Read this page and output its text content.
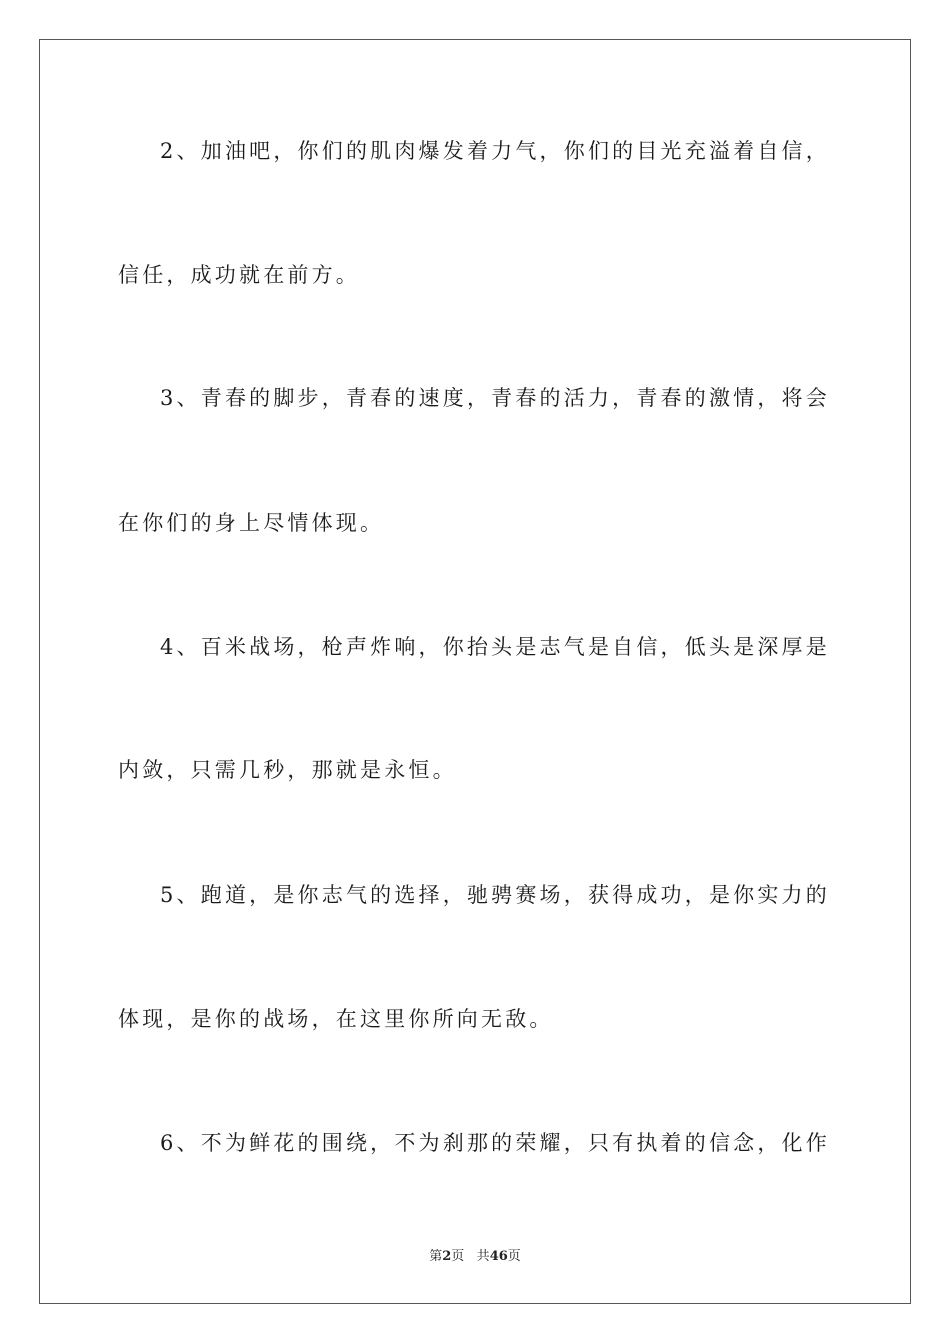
2、加油吧，你们的肌肉爆发着力气，你们的目光充溢着自信，
信任，成功就在前方。
3、青春的脚步，青春的速度，青春的活力，青春的激情，将会
在你们的身上尽情体现。
4、百米战场，枪声炸响，你抬头是志气是自信，低头是深厚是
内敛，只需几秒，那就是永恒。
5、跑道，是你志气的选择，驰骋赛场，获得成功，是你实力的
体现，是你的战场，在这里你所向无敌。
6、不为鲜花的围绕，不为刹那的荣耀，只有执着的信念，化作
第2页 共46页
